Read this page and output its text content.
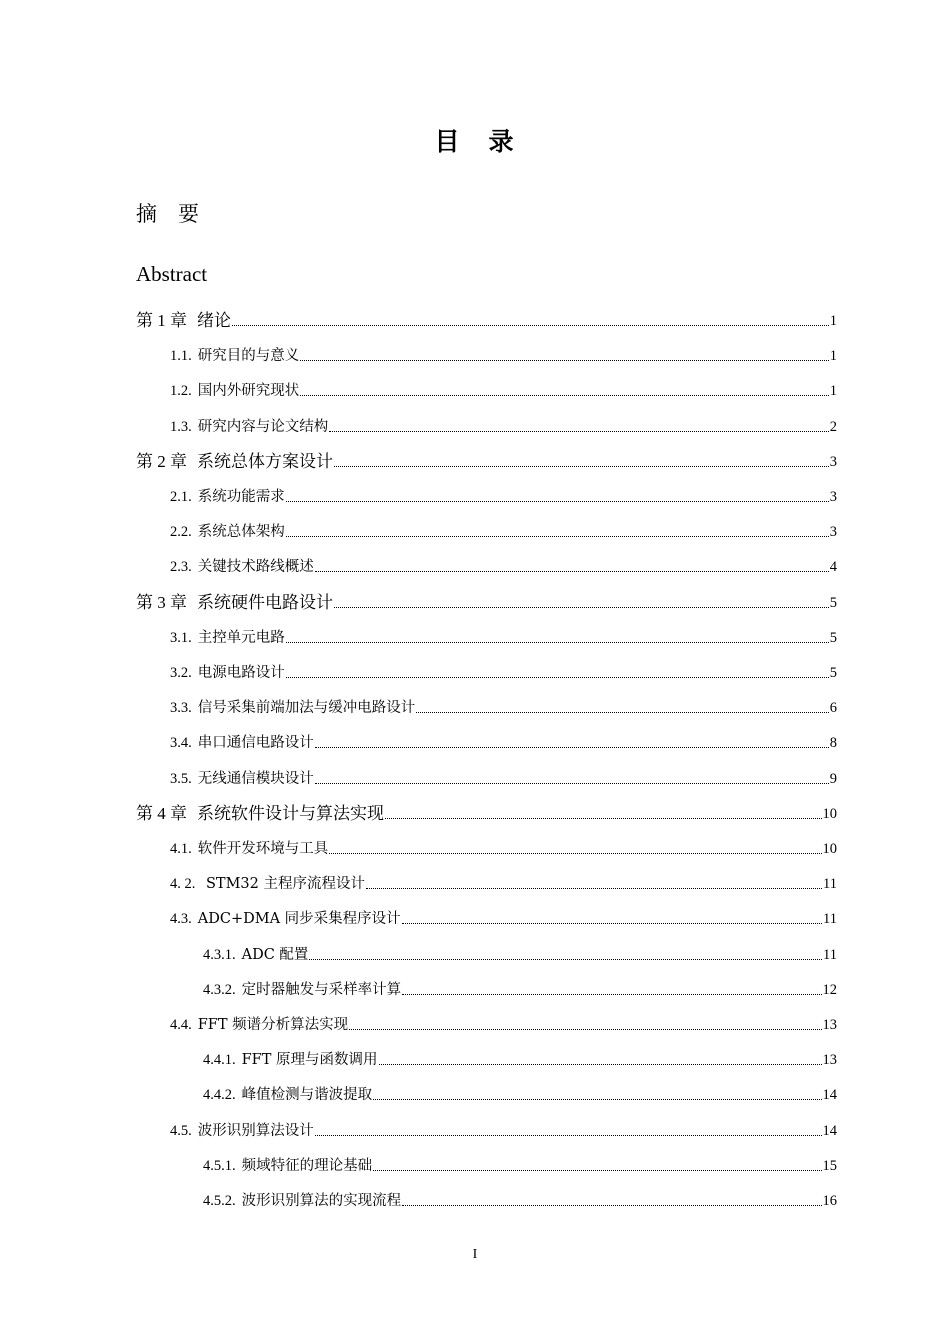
目　录
摘　要
Abstract
第 1 章 绪论	1
1.1. 研究目的与意义	1
1.2. 国内外研究现状	1
1.3. 研究内容与论文结构	2
第 2 章 系统总体方案设计	3
2.1. 系统功能需求	3
2.2. 系统总体架构	3
2.3. 关键技术路线概述	4
第 3 章 系统硬件电路设计	5
3.1. 主控单元电路	5
3.2. 电源电路设计	5
3.3. 信号采集前端加法与缓冲电路设计	6
3.4. 串口通信电路设计	8
3.5. 无线通信模块设计	9
第 4 章 系统软件设计与算法实现	10
4.1. 软件开发环境与工具	10
4. 2. STM32 主程序流程设计	11
4.3. ADC+DMA 同步采集程序设计	11
4.3.1. ADC 配置	11
4.3.2. 定时器触发与采样率计算	12
4.4. FFT 频谱分析算法实现	13
4.4.1. FFT 原理与函数调用	13
4.4.2. 峰值检测与谐波提取	14
4.5. 波形识别算法设计	14
4.5.1. 频域特征的理论基础	15
4.5.2. 波形识别算法的实现流程	16
I
